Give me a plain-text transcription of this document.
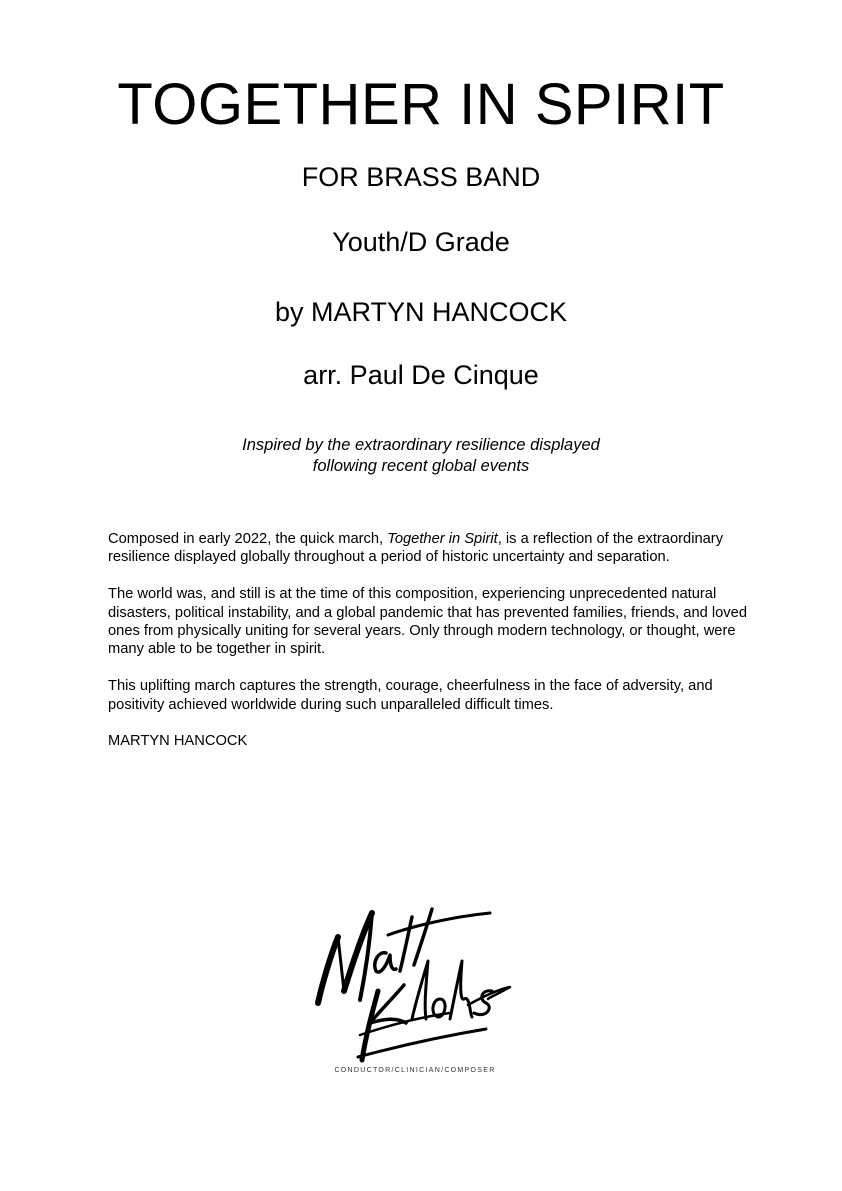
TOGETHER IN SPIRIT
FOR BRASS BAND
Youth/D Grade
by MARTYN HANCOCK
arr. Paul De Cinque
Inspired by the extraordinary resilience displayed
following recent global events

Composed in early 2022, the quick march, Together in Spirit, is a reflection of the extraordinary resilience displayed globally throughout a period of historic uncertainty and separation.

The world was, and still is at the time of this composition, experiencing unprecedented natural disasters, political instability, and a global pandemic that has prevented families, friends, and loved ones from physically uniting for several years. Only through modern technology, or thought, were many able to be together in spirit.

This uplifting march captures the strength, courage, cheerfulness in the face of adversity, and positivity achieved worldwide during such unparalleled difficult times.

MARTYN HANCOCK

CONDUCTOR/CLINICIAN/COMPOSER
